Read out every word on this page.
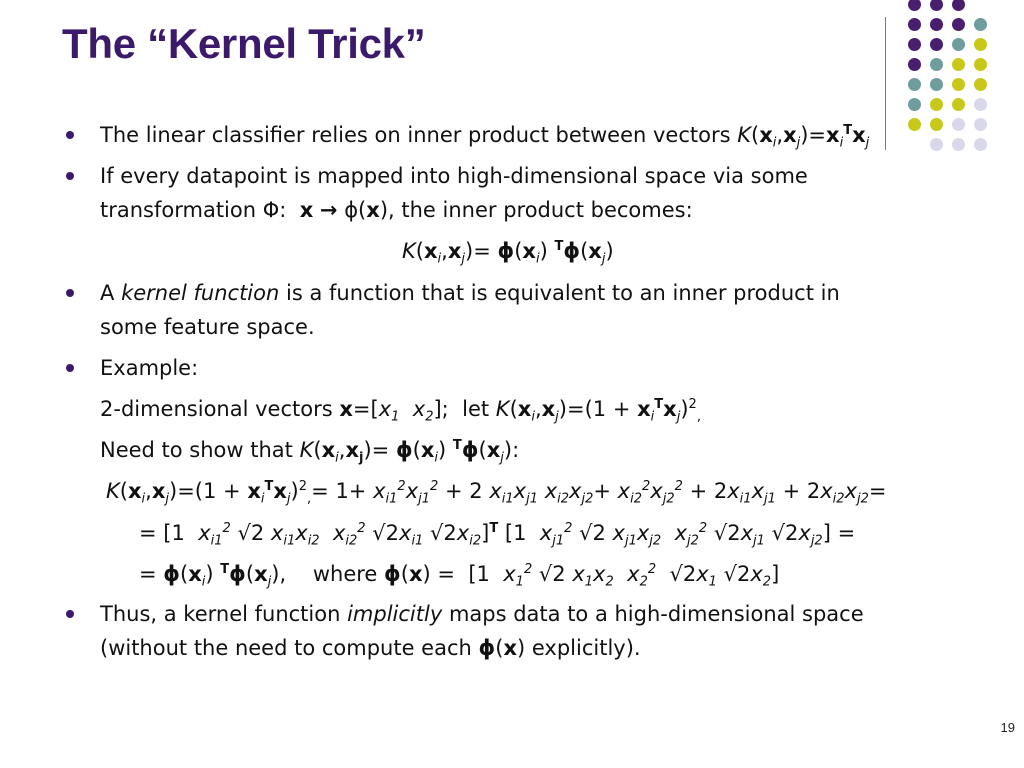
The “Kernel Trick”
The linear classifier relies on inner product between vectors $K(x_i,x_j)=x_i^Tx_j$
If every datapoint is mapped into high-dimensional space via some
transformation Φ: x → ϕ(x), the inner product becomes:
$K(x_i,x_j)= \phi(x_i)$ $^T\phi(x_j)$
A kernel function is a function that is equivalent to an inner product in
some feature space.
Example:
2-dimensional vectors $x=[x_1$ $x_2$];  let $K(x_i,x_j)=(1 + x_i^Tx_j)^2_,$
Need to show that $K(x_i,x_j)= \phi(x_i)$ $^T\phi(x_j)$:
$K(x_i,x_j)=(1 + x_i^Tx_j)^2_,= 1+ x_{i1}^2x_{j1}^2 + 2$ $x_{i1}x_{j1}$ $x_{i2}x_{j2}+ x_{i2}^2x_{j2}^2 + 2x_{i1}x_{j1} + 2x_{i2}x_{j2}=$
= [1  $x_{i1}^2$ √2 $x_{i1}x_{i2}$ $x_{i2}^2$ $√2x_{i1}$ $√2x_{i2}]^T$ [1  $x_{j1}^2$ √2 $x_{j1}x_{j2}$ $x_{j2}^2$ $√2x_{j1}$ $√2x_{j2}$] =
= $\phi(x_i)$ $^T\phi(x_j)$,    where ϕ(x) =  [1  $x_1^2$ √2 $x_1x_2$ $x_2^2$  $√2x_1$ $√2x_2$]
Thus, a kernel function implicitly maps data to a high-dimensional space
(without the need to compute each ϕ(x) explicitly).
19
